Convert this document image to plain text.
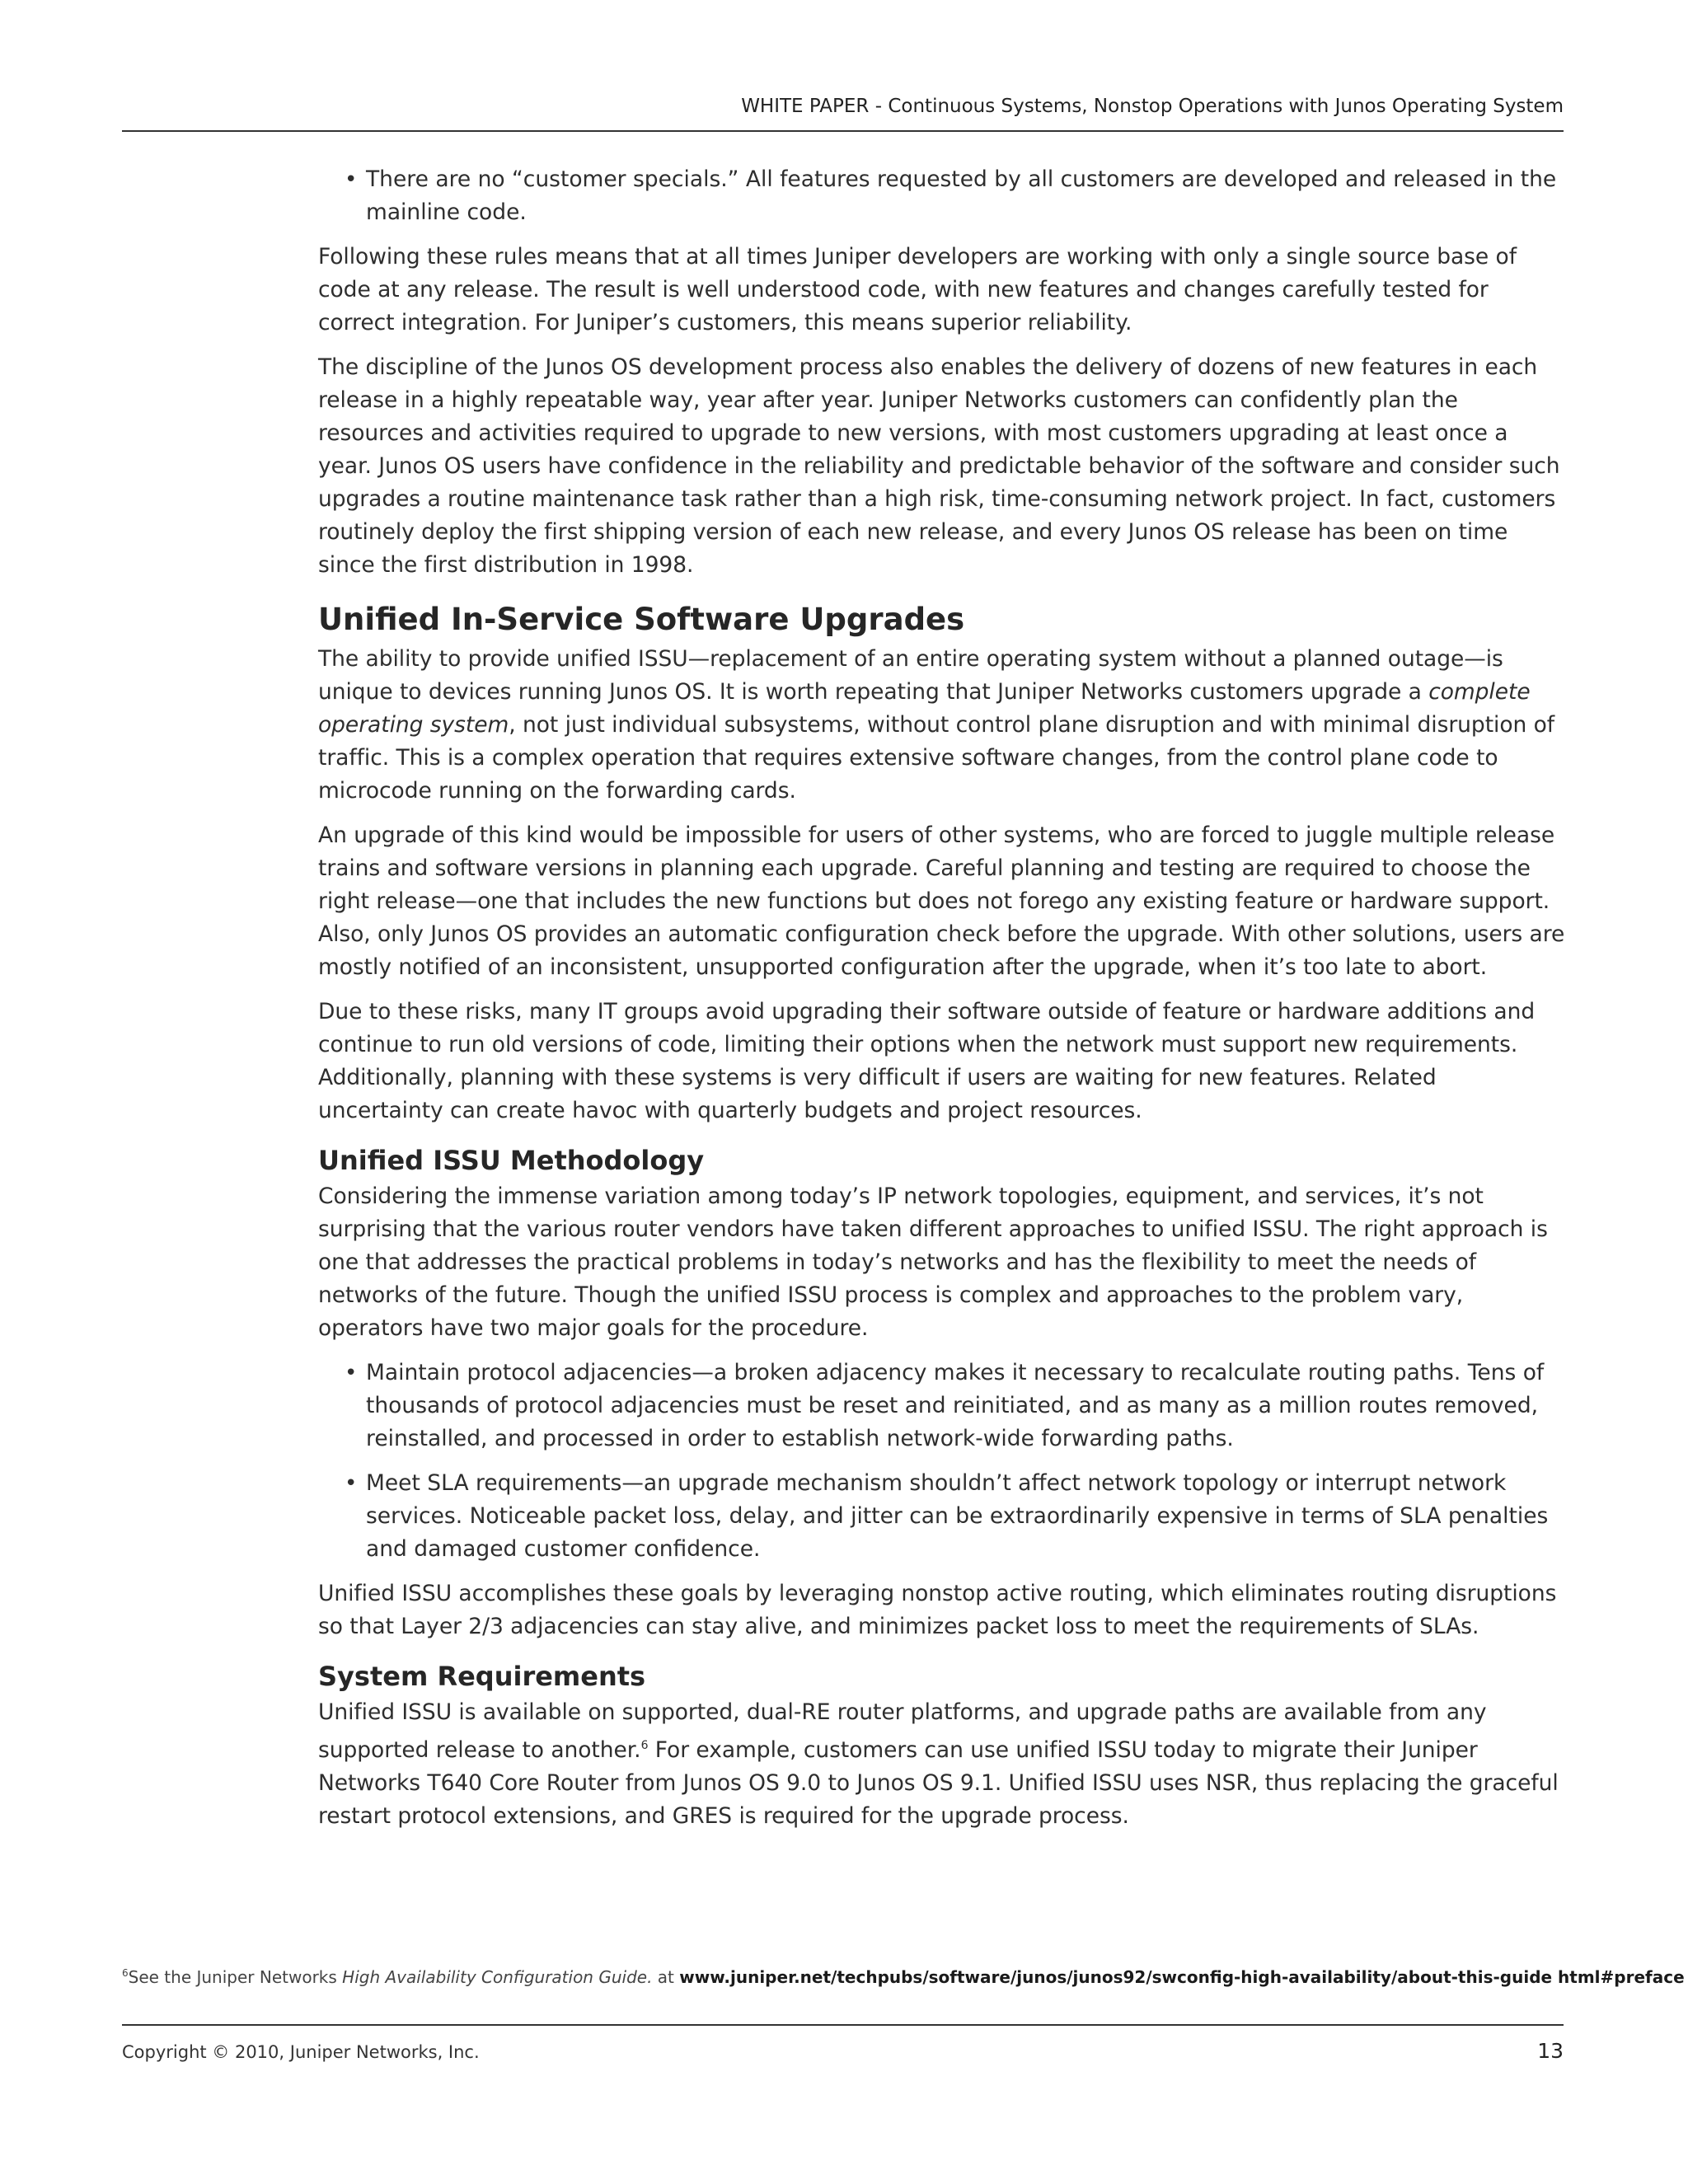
WHITE PAPER - Continuous Systems, Nonstop Operations with Junos Operating System
• There are no “customer specials.” All features requested by all customers are developed and released in the mainline code.

Following these rules means that at all times Juniper developers are working with only a single source base of code at any release. The result is well understood code, with new features and changes carefully tested for correct integration. For Juniper’s customers, this means superior reliability.

The discipline of the Junos OS development process also enables the delivery of dozens of new features in each release in a highly repeatable way, year after year. Juniper Networks customers can confidently plan the resources and activities required to upgrade to new versions, with most customers upgrading at least once a year. Junos OS users have confidence in the reliability and predictable behavior of the software and consider such upgrades a routine maintenance task rather than a high risk, time-consuming network project. In fact, customers routinely deploy the first shipping version of each new release, and every Junos OS release has been on time since the first distribution in 1998.

Unified In-Service Software Upgrades

The ability to provide unified ISSU—replacement of an entire operating system without a planned outage—is unique to devices running Junos OS. It is worth repeating that Juniper Networks customers upgrade a complete operating system, not just individual subsystems, without control plane disruption and with minimal disruption of traffic. This is a complex operation that requires extensive software changes, from the control plane code to microcode running on the forwarding cards.

An upgrade of this kind would be impossible for users of other systems, who are forced to juggle multiple release trains and software versions in planning each upgrade. Careful planning and testing are required to choose the right release—one that includes the new functions but does not forego any existing feature or hardware support. Also, only Junos OS provides an automatic configuration check before the upgrade. With other solutions, users are mostly notified of an inconsistent, unsupported configuration after the upgrade, when it’s too late to abort.

Due to these risks, many IT groups avoid upgrading their software outside of feature or hardware additions and continue to run old versions of code, limiting their options when the network must support new requirements. Additionally, planning with these systems is very difficult if users are waiting for new features. Related uncertainty can create havoc with quarterly budgets and project resources.

Unified ISSU Methodology

Considering the immense variation among today’s IP network topologies, equipment, and services, it’s not surprising that the various router vendors have taken different approaches to unified ISSU. The right approach is one that addresses the practical problems in today’s networks and has the flexibility to meet the needs of networks of the future. Though the unified ISSU process is complex and approaches to the problem vary, operators have two major goals for the procedure.

• Maintain protocol adjacencies—a broken adjacency makes it necessary to recalculate routing paths. Tens of thousands of protocol adjacencies must be reset and reinitiated, and as many as a million routes removed, reinstalled, and processed in order to establish network-wide forwarding paths.
• Meet SLA requirements—an upgrade mechanism shouldn’t affect network topology or interrupt network services. Noticeable packet loss, delay, and jitter can be extraordinarily expensive in terms of SLA penalties and damaged customer confidence.

Unified ISSU accomplishes these goals by leveraging nonstop active routing, which eliminates routing disruptions so that Layer 2/3 adjacencies can stay alive, and minimizes packet loss to meet the requirements of SLAs.

System Requirements

Unified ISSU is available on supported, dual-RE router platforms, and upgrade paths are available from any supported release to another.$^6$ For example, customers can use unified ISSU today to migrate their Juniper Networks T640 Core Router from Junos OS 9.0 to Junos OS 9.1. Unified ISSU uses NSR, thus replacing the graceful restart protocol extensions, and GRES is required for the upgrade process.

$^6$See the Juniper Networks High Availability Configuration Guide. at www.juniper.net/techpubs/software/junos/junos92/swconfig-high-availability/about-this-guide html#preface
Copyright © 2010, Juniper Networks, Inc.	13
